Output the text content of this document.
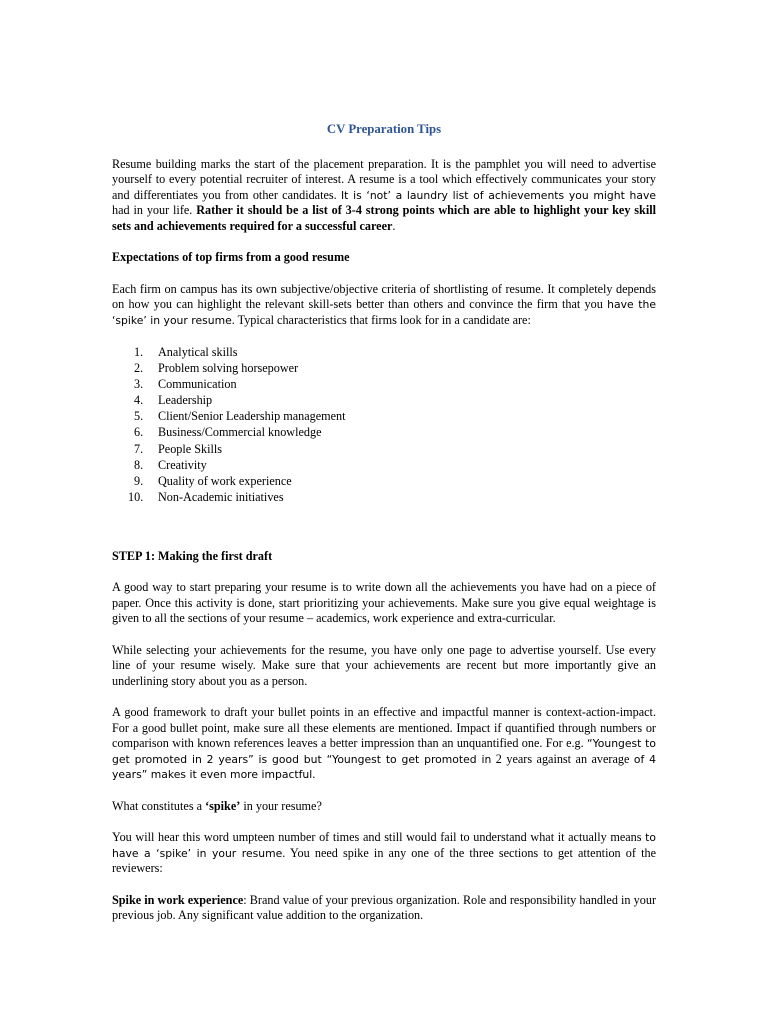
CV Preparation Tips

Resume building marks the start of the placement preparation. It is the pamphlet you will need to advertise yourself to every potential recruiter of interest. A resume is a tool which effectively communicates your story and differentiates you from other candidates. It is ‘not’ a laundry list of achievements you might have had in your life. Rather it should be a list of 3-4 strong points which are able to highlight your key skill sets and achievements required for a successful career.

Expectations of top firms from a good resume

Each firm on campus has its own subjective/objective criteria of shortlisting of resume. It completely depends on how you can highlight the relevant skill-sets better than others and convince the firm that you have the ‘spike’ in your resume. Typical characteristics that firms look for in a candidate are:

1. Analytical skills
2. Problem solving horsepower
3. Communication
4. Leadership
5. Client/Senior Leadership management
6. Business/Commercial knowledge
7. People Skills
8. Creativity
9. Quality of work experience
10. Non-Academic initiatives
STEP 1: Making the first draft

A good way to start preparing your resume is to write down all the achievements you have had on a piece of paper. Once this activity is done, start prioritizing your achievements. Make sure you give equal weightage is given to all the sections of your resume – academics, work experience and extra-curricular.

While selecting your achievements for the resume, you have only one page to advertise yourself. Use every line of your resume wisely. Make sure that your achievements are recent but more importantly give an underlining story about you as a person.

A good framework to draft your bullet points in an effective and impactful manner is context-action-impact. For a good bullet point, make sure all these elements are mentioned. Impact if quantified through numbers or comparison with known references leaves a better impression than an unquantified one. For e.g. “Youngest to get promoted in 2 years” is good but “Youngest to get promoted in 2 years against an average of 4 years” makes it even more impactful.

What constitutes a ‘spike’ in your resume?

You will hear this word umpteen number of times and still would fail to understand what it actually means to have a ‘spike’ in your resume. You need spike in any one of the three sections to get attention of the reviewers:

Spike in work experience: Brand value of your previous organization. Role and responsibility handled in your previous job. Any significant value addition to the organization.
